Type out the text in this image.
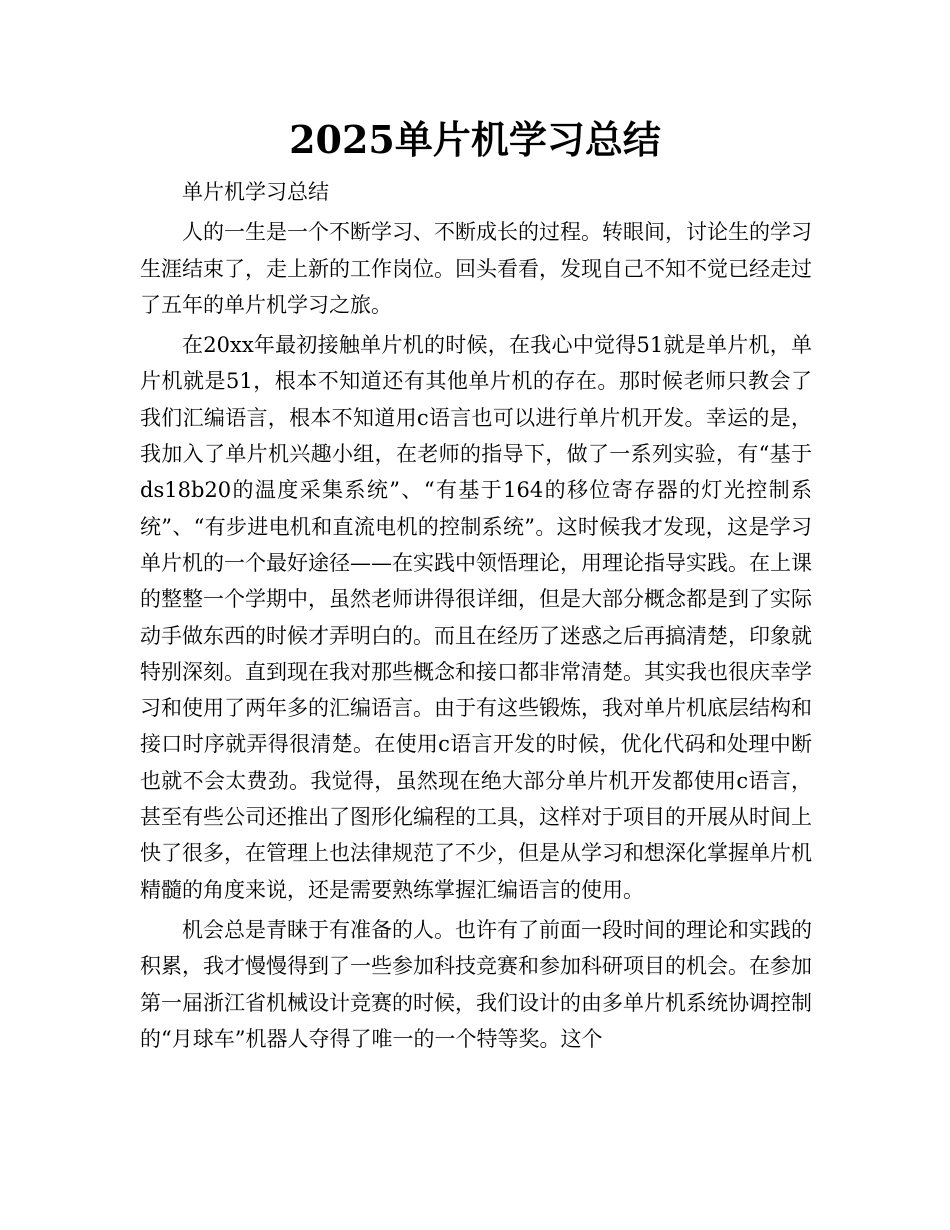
2025单片机学习总结

单片机学习总结

人的一生是一个不断学习、不断成长的过程。转眼间，讨论生的学习生涯结束了，走上新的工作岗位。回头看看，发现自己不知不觉已经走过了五年的单片机学习之旅。

在20xx年最初接触单片机的时候，在我心中觉得51就是单片机，单片机就是51，根本不知道还有其他单片机的存在。那时候老师只教会了我们汇编语言，根本不知道用c语言也可以进行单片机开发。幸运的是，我加入了单片机兴趣小组，在老师的指导下，做了一系列实验，有“基于ds18b20的温度采集系统”、“有基于164的移位寄存器的灯光控制系统”、“有步进电机和直流电机的控制系统”。这时候我才发现，这是学习单片机的一个最好途径——在实践中领悟理论，用理论指导实践。在上课的整整一个学期中，虽然老师讲得很详细，但是大部分概念都是到了实际动手做东西的时候才弄明白的。而且在经历了迷惑之后再搞清楚，印象就特别深刻。直到现在我对那些概念和接口都非常清楚。其实我也很庆幸学习和使用了两年多的汇编语言。由于有这些锻炼，我对单片机底层结构和接口时序就弄得很清楚。在使用c语言开发的时候，优化代码和处理中断也就不会太费劲。我觉得，虽然现在绝大部分单片机开发都使用c语言，甚至有些公司还推出了图形化编程的工具，这样对于项目的开展从时间上快了很多，在管理上也法律规范了不少，但是从学习和想深化掌握单片机精髓的角度来说，还是需要熟练掌握汇编语言的使用。

机会总是青睐于有准备的人。也许有了前面一段时间的理论和实践的积累，我才慢慢得到了一些参加科技竞赛和参加科研项目的机会。在参加第一届浙江省机械设计竞赛的时候，我们设计的由多单片机系统协调控制的“月球车”机器人夺得了唯一的一个特等奖。这个
